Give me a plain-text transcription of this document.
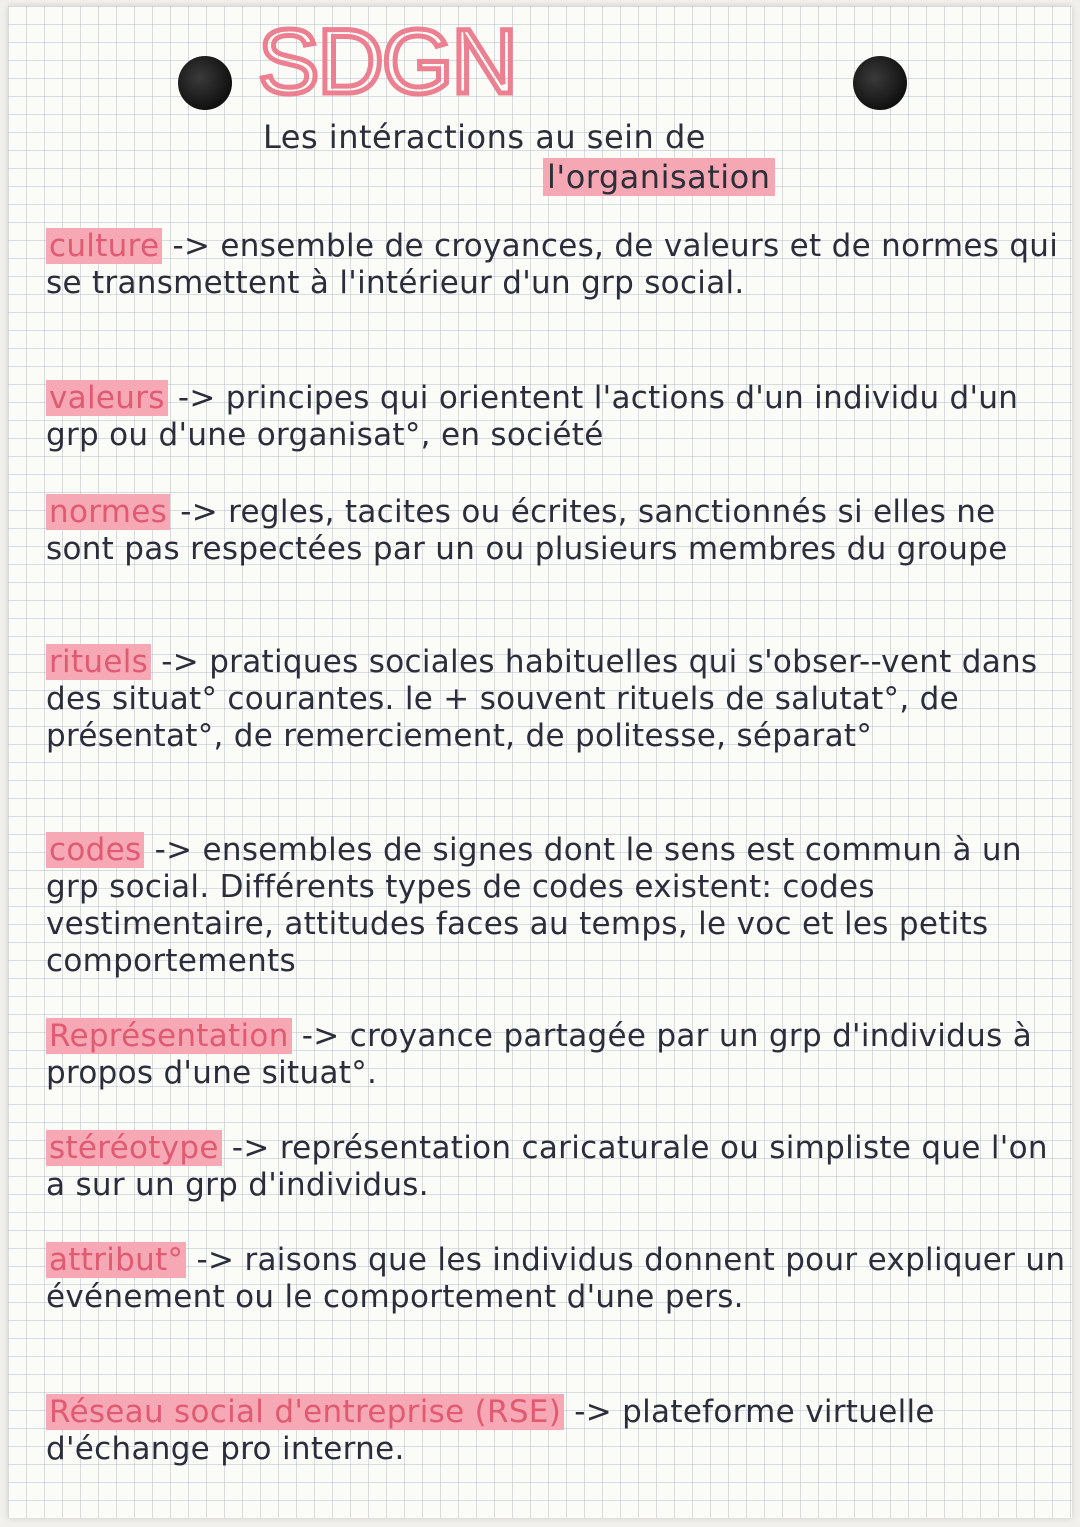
SDGN
Les intéractions au sein de
l'organisation

culture -> ensemble de croyances, de valeurs et de normes qui se transmettent à l'intérieur d'un grp social.

valeurs -> principes qui orientent l'actions d'un individu d'un grp ou d'une organisat°, en société

normes -> regles, tacites ou écrites, sanctionnés si elles ne sont pas respectées par un ou plusieurs membres du groupe

rituels -> pratiques sociales habituelles qui s'obser--vent dans des situat° courantes. le + souvent rituels de salutat°, de présentat°, de remerciement, de politesse, séparat°

codes -> ensembles de signes dont le sens est commun à un grp social. Différents types de codes existent: codes vestimentaire, attitudes faces au temps, le voc et les petits comportements

Représentation -> croyance partagée par un grp d'individus à propos d'une situat°.

stéréotype -> représentation caricaturale ou simpliste que l'on a sur un grp d'individus.

attribut° -> raisons que les individus donnent pour expliquer un événement ou le comportement d'une pers.

Réseau social d'entreprise (RSE) -> plateforme virtuelle d'échange pro interne.
